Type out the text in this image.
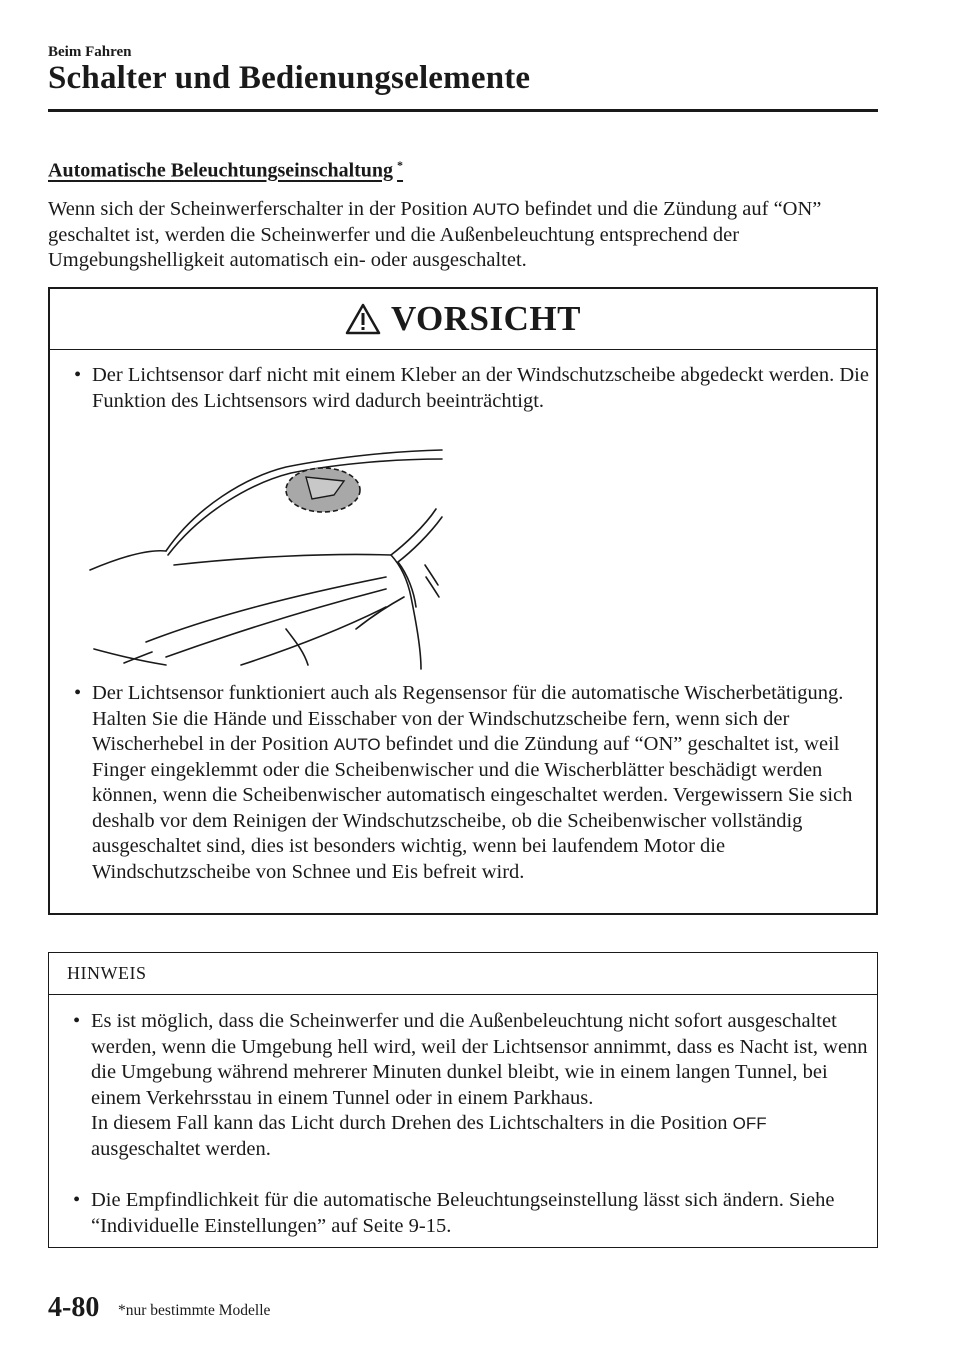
Beim Fahren
Schalter und Bedienungselemente
Automatische Beleuchtungseinschaltung *
Wenn sich der Scheinwerferschalter in der Position AUTO befindet und die Zündung auf “ON” geschaltet ist, werden die Scheinwerfer und die Außenbeleuchtung entsprechend der Umgebungshelligkeit automatisch ein- oder ausgeschaltet.
VORSICHT
• Der Lichtsensor darf nicht mit einem Kleber an der Windschutzscheibe abgedeckt werden. Die Funktion des Lichtsensors wird dadurch beeinträchtigt.
• Der Lichtsensor funktioniert auch als Regensensor für die automatische Wischerbetätigung. Halten Sie die Hände und Eisschaber von der Windschutzscheibe fern, wenn sich der Wischerhebel in der Position AUTO befindet und die Zündung auf “ON” geschaltet ist, weil Finger eingeklemmt oder die Scheibenwischer und die Wischerblätter beschädigt werden können, wenn die Scheibenwischer automatisch eingeschaltet werden. Vergewissern Sie sich deshalb vor dem Reinigen der Windschutzscheibe, ob die Scheibenwischer vollständig ausgeschaltet sind, dies ist besonders wichtig, wenn bei laufendem Motor die Windschutzscheibe von Schnee und Eis befreit wird.
HINWEIS
• Es ist möglich, dass die Scheinwerfer und die Außenbeleuchtung nicht sofort ausgeschaltet werden, wenn die Umgebung hell wird, weil der Lichtsensor annimmt, dass es Nacht ist, wenn die Umgebung während mehrerer Minuten dunkel bleibt, wie in einem langen Tunnel, bei einem Verkehrsstau in einem Tunnel oder in einem Parkhaus.
In diesem Fall kann das Licht durch Drehen des Lichtschalters in die Position OFF ausgeschaltet werden.
• Die Empfindlichkeit für die automatische Beleuchtungseinstellung lässt sich ändern. Siehe “Individuelle Einstellungen” auf Seite 9-15.
4-80 *nur bestimmte Modelle
